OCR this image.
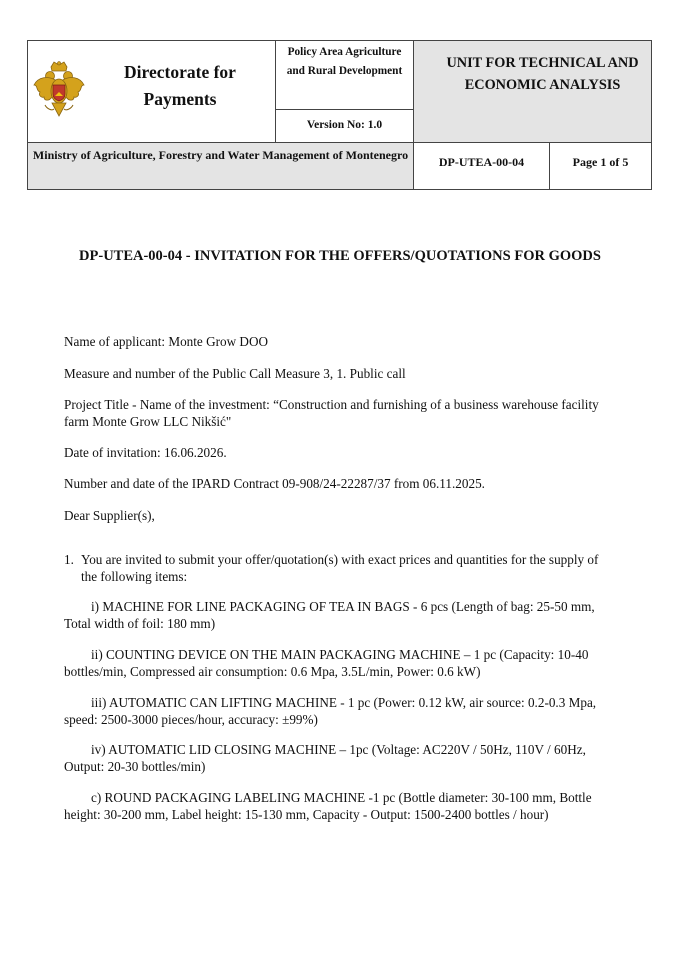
Directorate for Payments
Policy Area Agriculture and Rural Development
Version No: 1.0
UNIT FOR TECHNICAL AND ECONOMIC ANALYSIS
Ministry of Agriculture, Forestry and Water Management of Montenegro	DP-UTEA-00-04	Page 1 of 5
DP-UTEA-00-04 - INVITATION FOR THE OFFERS/QUOTATIONS FOR GOODS
Name of applicant: Monte Grow DOO
Measure and number of the Public Call Measure 3, 1. Public call
Project Title - Name of the investment: “Construction and furnishing of a business warehouse facility farm Monte Grow LLC Nikšić"
Date of invitation: 16.06.2026.
Number and date of the IPARD Contract 09-908/24-22287/37 from 06.11.2025.
Dear Supplier(s),
1. You are invited to submit your offer/quotation(s) with exact prices and quantities for the supply of the following items:
i) MACHINE FOR LINE PACKAGING OF TEA IN BAGS - 6 pcs (Length of bag: 25-50 mm, Total width of foil: 180 mm)
ii) COUNTING DEVICE ON THE MAIN PACKAGING MACHINE – 1 pc (Capacity: 10-40 bottles/min, Compressed air consumption: 0.6 Mpa, 3.5L/min, Power: 0.6 kW)
iii) AUTOMATIC CAN LIFTING MACHINE - 1 pc (Power: 0.12 kW, air source: 0.2-0.3 Mpa, speed: 2500-3000 pieces/hour, accuracy: ±99%)
iv) AUTOMATIC LID CLOSING MACHINE – 1pc (Voltage: AC220V / 50Hz, 110V / 60Hz, Output: 20-30 bottles/min)
c) ROUND PACKAGING LABELING MACHINE -1 pc (Bottle diameter: 30-100 mm, Bottle height: 30-200 mm, Label height: 15-130 mm, Capacity - Output: 1500-2400 bottles / hour)
